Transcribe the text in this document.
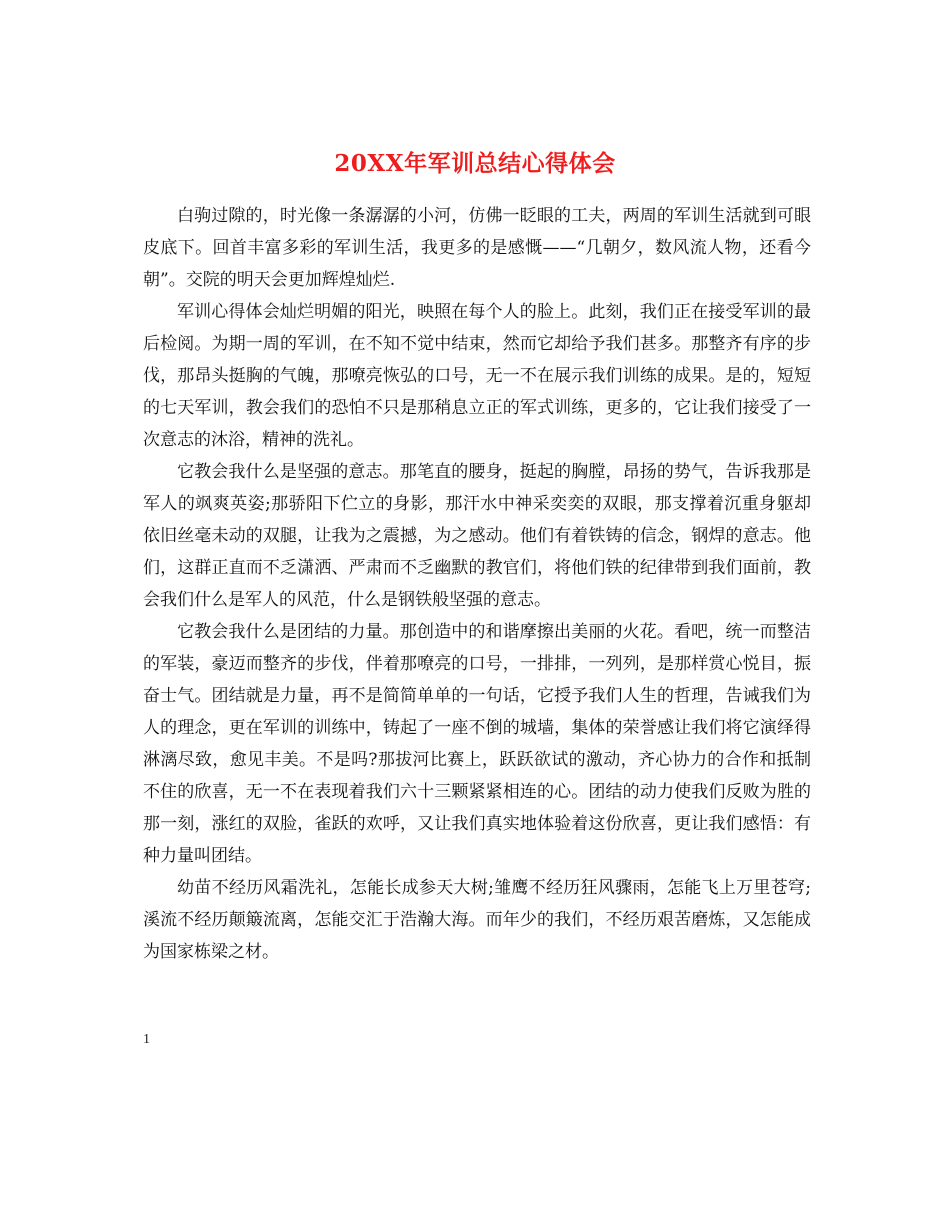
20XX年军训总结心得体会

白驹过隙的，时光像一条潺潺的小河，仿佛一眨眼的工夫，两周的军训生活就到可眼皮底下。回首丰富多彩的军训生活，我更多的是感慨——“几朝夕，数风流人物，还看今朝”。交院的明天会更加辉煌灿烂.

军训心得体会灿烂明媚的阳光，映照在每个人的脸上。此刻，我们正在接受军训的最后检阅。为期一周的军训，在不知不觉中结束，然而它却给予我们甚多。那整齐有序的步伐，那昂头挺胸的气魄，那嘹亮恢弘的口号，无一不在展示我们训练的成果。是的，短短的七天军训，教会我们的恐怕不只是那稍息立正的军式训练，更多的，它让我们接受了一次意志的沐浴，精神的洗礼。

它教会我什么是坚强的意志。那笔直的腰身，挺起的胸膛，昂扬的势气，告诉我那是军人的飒爽英姿;那骄阳下伫立的身影，那汗水中神采奕奕的双眼，那支撑着沉重身躯却依旧丝毫未动的双腿，让我为之震撼，为之感动。他们有着铁铸的信念，钢焊的意志。他们，这群正直而不乏潇洒、严肃而不乏幽默的教官们，将他们铁的纪律带到我们面前，教会我们什么是军人的风范，什么是钢铁般坚强的意志。

它教会我什么是团结的力量。那创造中的和谐摩擦出美丽的火花。看吧，统一而整洁的军装，豪迈而整齐的步伐，伴着那嘹亮的口号，一排排，一列列，是那样赏心悦目，振奋士气。团结就是力量，再不是简简单单的一句话，它授予我们人生的哲理，告诫我们为人的理念，更在军训的训练中，铸起了一座不倒的城墙，集体的荣誉感让我们将它演绎得淋漓尽致，愈见丰美。不是吗?那拔河比赛上，跃跃欲试的激动，齐心协力的合作和抵制不住的欣喜，无一不在表现着我们六十三颗紧紧相连的心。团结的动力使我们反败为胜的那一刻，涨红的双脸，雀跃的欢呼，又让我们真实地体验着这份欣喜，更让我们感悟：有种力量叫团结。

幼苗不经历风霜洗礼，怎能长成参天大树;雏鹰不经历狂风骤雨，怎能飞上万里苍穹;溪流不经历颠簸流离，怎能交汇于浩瀚大海。而年少的我们，不经历艰苦磨炼，又怎能成为国家栋梁之材。

1
